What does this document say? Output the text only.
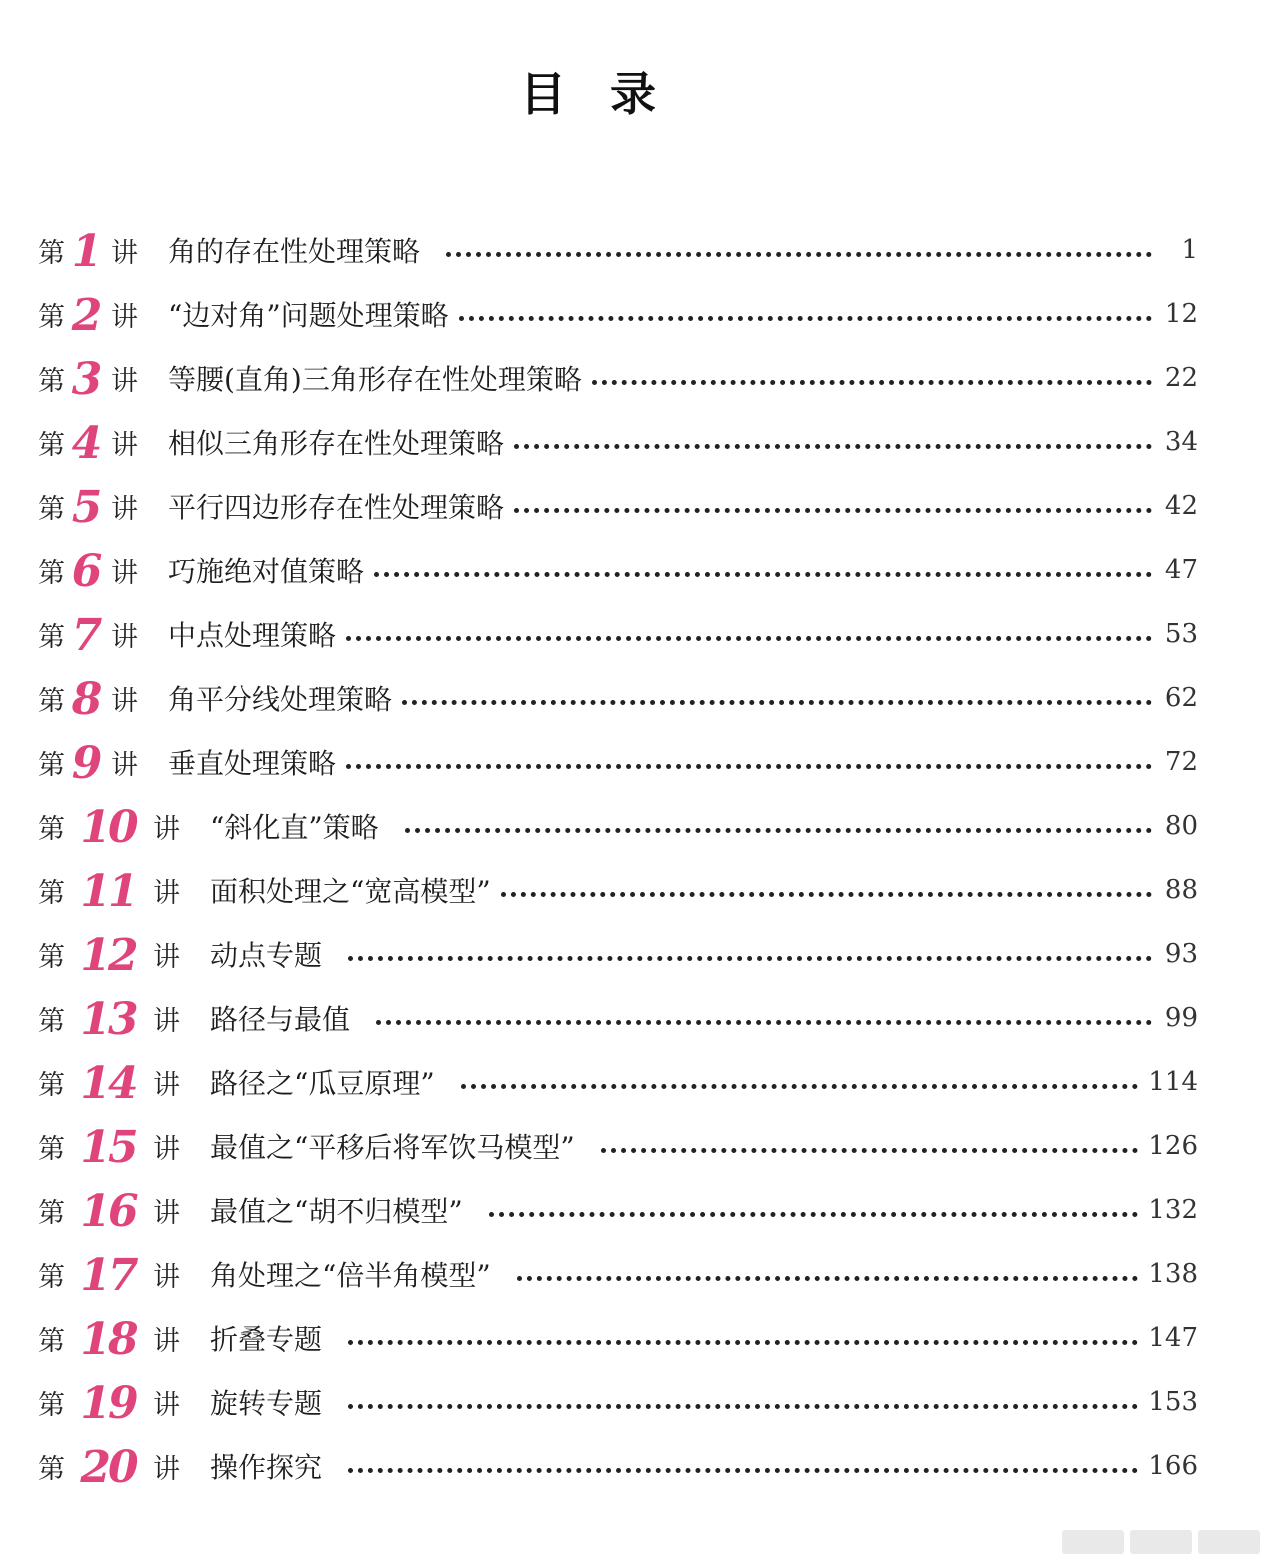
目 录
第 1 讲 角的存在性处理策略	1
第 2 讲 “边对角”问题处理策略	12
第 3 讲 等腰(直角)三角形存在性处理策略	22
第 4 讲 相似三角形存在性处理策略	34
第 5 讲 平行四边形存在性处理策略	42
第 6 讲 巧施绝对值策略	47
第 7 讲 中点处理策略	53
第 8 讲 角平分线处理策略	62
第 9 讲 垂直处理策略	72
第 10 讲 “斜化直”策略	80
第 11 讲 面积处理之“宽高模型”	88
第 12 讲 动点专题	93
第 13 讲 路径与最值	99
第 14 讲 路径之“瓜豆原理”	114
第 15 讲 最值之“平移后将军饮马模型”	126
第 16 讲 最值之“胡不归模型”	132
第 17 讲 角处理之“倍半角模型”	138
第 18 讲 折叠专题	147
第 19 讲 旋转专题	153
第 20 讲 操作探究	166
